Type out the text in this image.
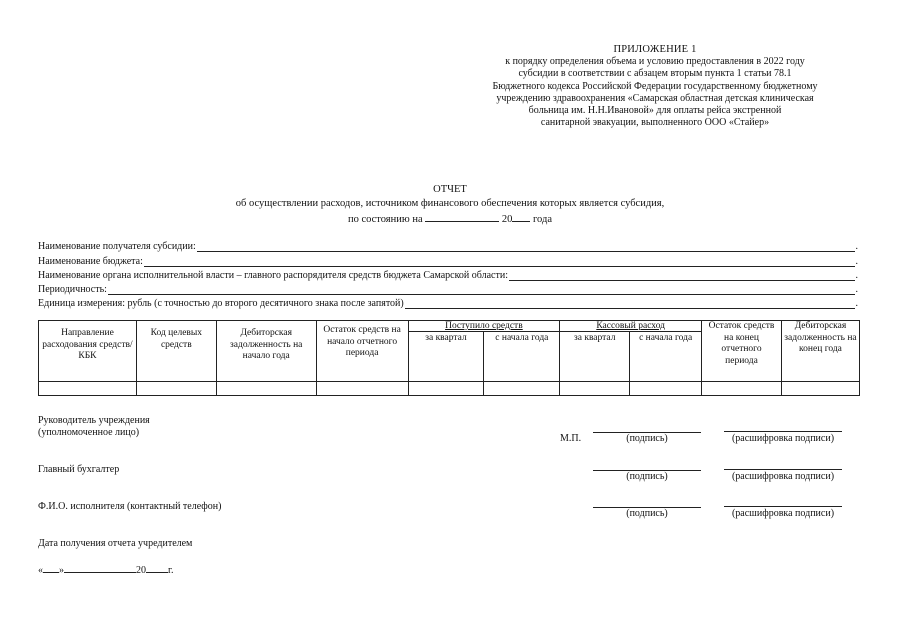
ПРИЛОЖЕНИЕ 1
к порядку определения объема и условию предоставления в 2022 году
субсидии в соответствии с абзацем вторым пункта 1 статьи 78.1
Бюджетного кодекса Российской Федерации государственному бюджетному
учреждению здравоохранения «Самарская областная детская клиническая
больница им. Н.Н.Ивановой» для оплаты рейса экстренной
санитарной эвакуации, выполненного ООО «Стайер»
ОТЧЕТ
об осуществлении расходов, источником финансового обеспечения которых является субсидия,
по состоянию на	20 года
Наименование получателя субсидии:	.
Наименование бюджета:	.
Наименование органа исполнительной власти – главного распорядителя средств бюджета Самарской области:	.
Периодичность:	.
Единица измерения: рубль (с точностью до второго десятичного знака после запятой)	.
Направление расходования средств/КБК	Код целевых средств	Дебиторская задолженность на начало года	Остаток средств на начало отчетного периода	Поступило средств		Кассовый расход		Остаток средств на конец отчетного периода	Дебиторская задолженность на конец года
				за квартал	с начала года	за квартал	с начала года		

Руководитель учреждения
(уполномоченное лицо)
М.П.	(подпись)	(расшифровка подписи)
Главный бухгалтер
(подпись)	(расшифровка подписи)
Ф.И.О. исполнителя (контактный телефон)
(подпись)	(расшифровка подписи)
Дата получения отчета учредителем
« »	20 г.
